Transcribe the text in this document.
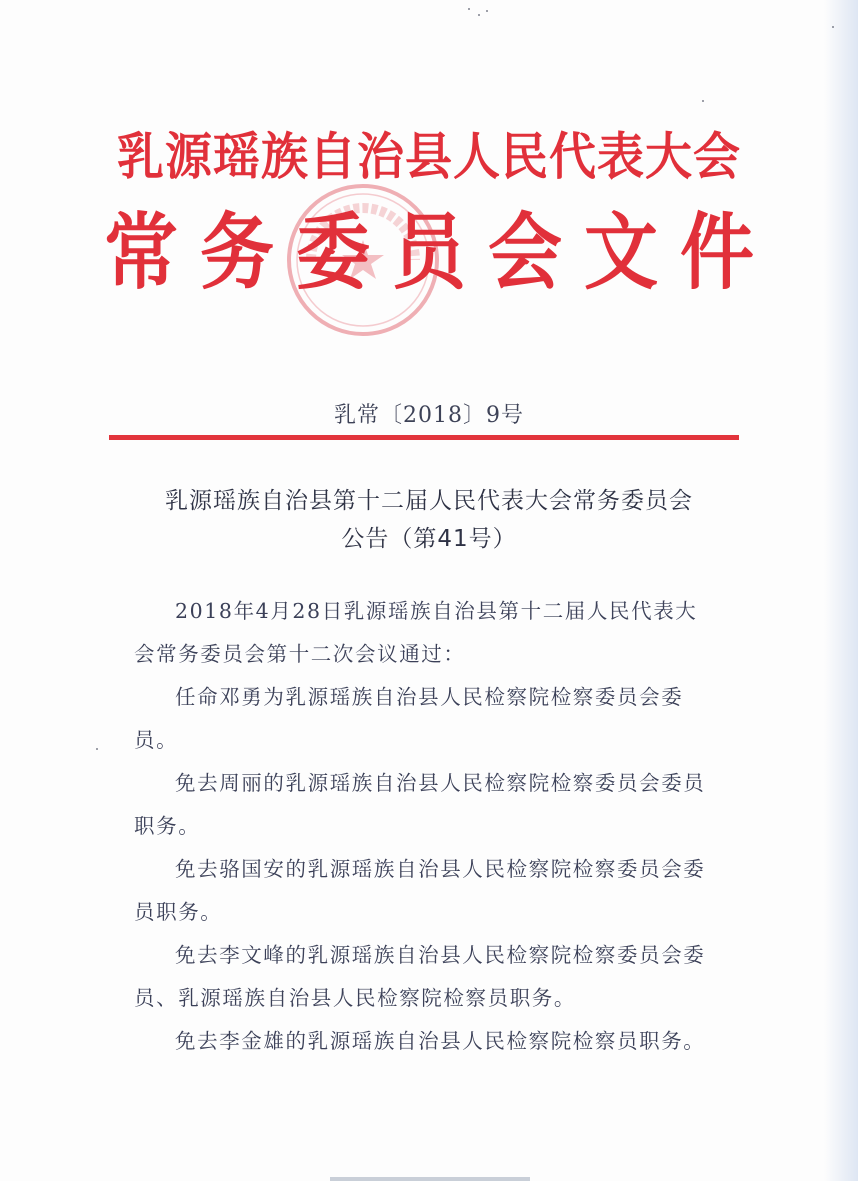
乳源瑶族自治县人民代表大会
常务委员会文件
乳常〔2018〕9号
乳源瑶族自治县第十二届人民代表大会常务委员会
公告（第41号）

2018年4月28日乳源瑶族自治县第十二届人民代表大会常务委员会第十二次会议通过：

任命邓勇为乳源瑶族自治县人民检察院检察委员会委员。

免去周丽的乳源瑶族自治县人民检察院检察委员会委员职务。

免去骆国安的乳源瑶族自治县人民检察院检察委员会委员职务。

免去李文峰的乳源瑶族自治县人民检察院检察委员会委员、乳源瑶族自治县人民检察院检察员职务。

免去李金雄的乳源瑶族自治县人民检察院检察员职务。
